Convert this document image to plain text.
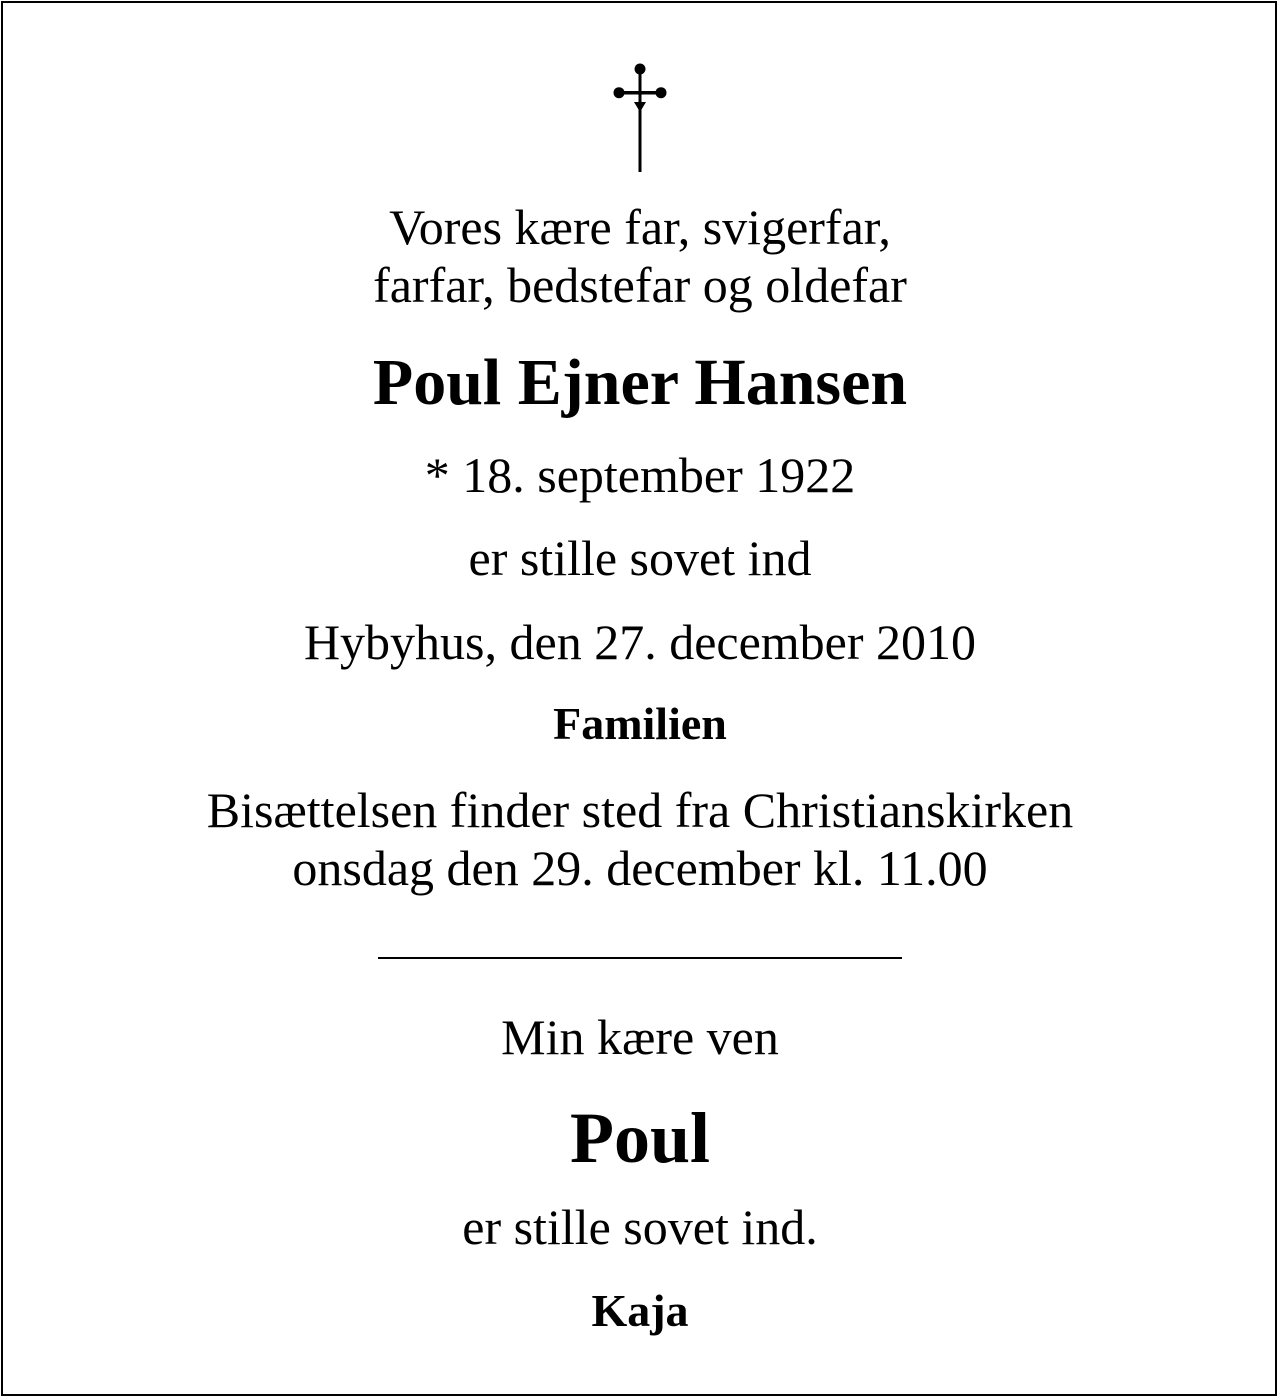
Vores kære far, svigerfar,
farfar, bedstefar og oldefar
Poul Ejner Hansen
* 18. september 1922
er stille sovet ind
Hybyhus, den 27. december 2010
Familien
Bisættelsen finder sted fra Christianskirken
onsdag den 29. december kl. 11.00
Min kære ven
Poul
er stille sovet ind.
Kaja
